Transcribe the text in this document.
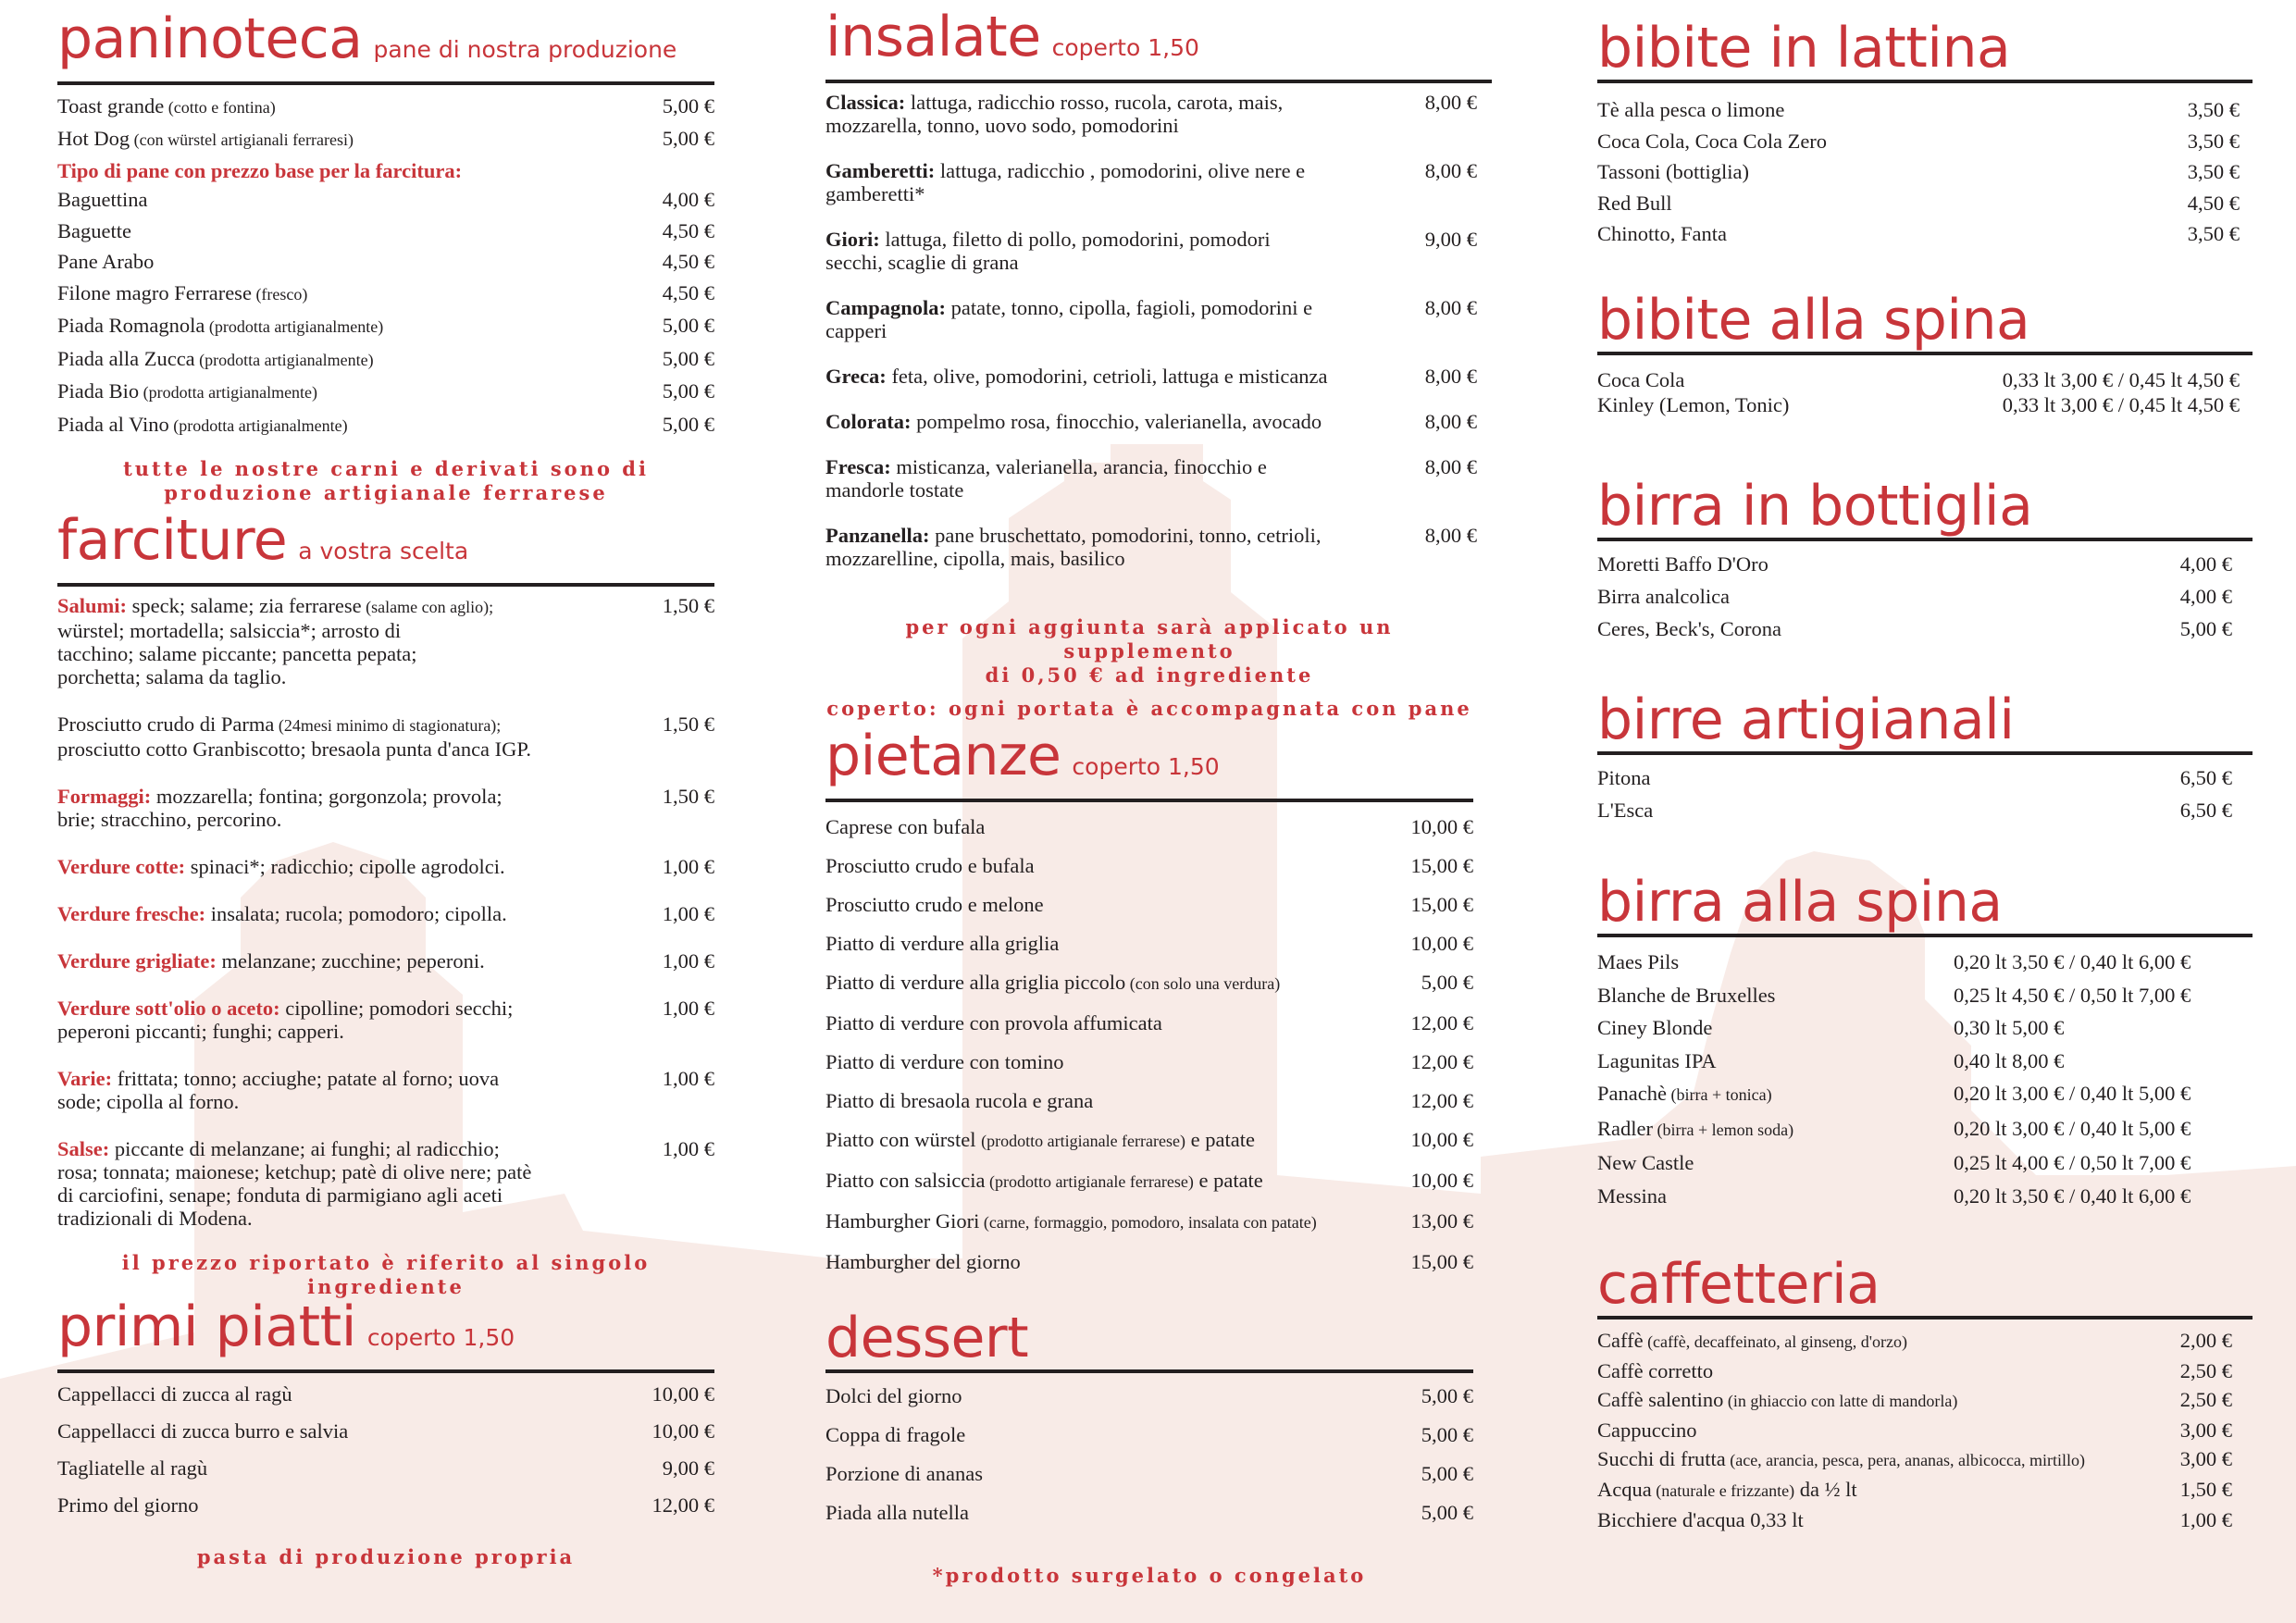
paninoteca pane di nostra produzione
Toast grande (cotto e fontina)	5,00 €
Hot Dog (con würstel artigianali ferraresi)	5,00 €
Tipo di pane con prezzo base per la farcitura:
Baguettina	4,00 €
Baguette	4,50 €
Pane Arabo	4,50 €
Filone magro Ferrarese (fresco)	4,50 €
Piada Romagnola (prodotta artigianalmente)	5,00 €
Piada alla Zucca (prodotta artigianalmente)	5,00 €
Piada Bio (prodotta artigianalmente)	5,00 €
Piada al Vino (prodotta artigianalmente)	5,00 €
tutte le nostre carni e derivati sono di
produzione artigianale ferrarese
farciture a vostra scelta
Salumi: speck; salame; zia ferrarese (salame con aglio);
würstel; mortadella; salsiccia*; arrosto di
tacchino; salame piccante; pancetta pepata;
porchetta; salama da taglio.
1,50 €
Prosciutto crudo di Parma (24mesi minimo di stagionatura);
prosciutto cotto Granbiscotto; bresaola punta d'anca IGP.
1,50 €
Formaggi: mozzarella; fontina; gorgonzola; provola;
brie; stracchino, percorino.
1,50 €
Verdure cotte: spinaci*; radicchio; cipolle agrodolci.	1,00 €
Verdure fresche: insalata; rucola; pomodoro; cipolla.	1,00 €
Verdure grigliate: melanzane; zucchine; peperoni.	1,00 €
Verdure sott'olio o aceto: cipolline; pomodori secchi;
peperoni piccanti; funghi; capperi.
1,00 €
Varie: frittata; tonno; acciughe; patate al forno; uova
sode; cipolla al forno.
1,00 €
Salse: piccante di melanzane; ai funghi; al radicchio;
rosa; tonnata; maionese; ketchup; patè di olive nere; patè
di carciofini, senape; fonduta di parmigiano agli aceti
tradizionali di Modena.
1,00 €
il prezzo riportato è riferito al singolo ingrediente
primi piatti coperto 1,50
Cappellacci di zucca al ragù	10,00 €
Cappellacci di zucca burro e salvia	10,00 €
Tagliatelle al ragù	9,00 €
Primo del giorno	12,00 €
pasta di produzione propria
insalate coperto 1,50
Classica: lattuga, radicchio rosso, rucola, carota, mais,
mozzarella, tonno, uovo sodo, pomodorini
8,00 €
Gamberetti: lattuga, radicchio , pomodorini, olive nere e
gamberetti*
8,00 €
Giori: lattuga, filetto di pollo, pomodorini, pomodori
secchi, scaglie di grana
9,00 €
Campagnola: patate, tonno, cipolla, fagioli, pomodorini e
capperi
8,00 €
Greca: feta, olive, pomodorini, cetrioli, lattuga e misticanza	8,00 €
Colorata: pompelmo rosa, finocchio, valerianella, avocado	8,00 €
Fresca: misticanza, valerianella, arancia, finocchio e
mandorle tostate
8,00 €
Panzanella: pane bruschettato, pomodorini, tonno, cetrioli,
mozzarelline, cipolla, mais, basilico
8,00 €
per ogni aggiunta sarà applicato un supplemento
di 0,50 € ad ingrediente
coperto: ogni portata è accompagnata con pane
pietanze coperto 1,50
Caprese con bufala	10,00 €
Prosciutto crudo e bufala	15,00 €
Prosciutto crudo e melone	15,00 €
Piatto di verdure alla griglia	10,00 €
Piatto di verdure alla griglia piccolo (con solo una verdura)	5,00 €
Piatto di verdure con provola affumicata	12,00 €
Piatto di verdure con tomino	12,00 €
Piatto di bresaola rucola e grana	12,00 €
Piatto con würstel (prodotto artigianale ferrarese) e patate	10,00 €
Piatto con salsiccia (prodotto artigianale ferrarese) e patate	10,00 €
Hamburgher Giori (carne, formaggio, pomodoro, insalata con patate)	13,00 €
Hamburgher del giorno	15,00 €
dessert
Dolci del giorno	5,00 €
Coppa di fragole	5,00 €
Porzione di ananas	5,00 €
Piada alla nutella	5,00 €
*prodotto surgelato o congelato
bibite in lattina
Tè alla pesca o limone	3,50 €
Coca Cola, Coca Cola Zero	3,50 €
Tassoni (bottiglia)	3,50 €
Red Bull	4,50 €
Chinotto, Fanta	3,50 €
bibite alla spina
Coca Cola	0,33 lt 3,00 € / 0,45 lt 4,50 €
Kinley (Lemon, Tonic)	0,33 lt 3,00 € / 0,45 lt 4,50 €
birra in bottiglia
Moretti Baffo D'Oro	4,00 €
Birra analcolica	4,00 €
Ceres, Beck's, Corona	5,00 €
birre artigianali
Pitona	6,50 €
L'Esca	6,50 €
birra alla spina
Maes Pils	0,20 lt 3,50 € / 0,40 lt 6,00 €
Blanche de Bruxelles	0,25 lt 4,50 € / 0,50 lt 7,00 €
Ciney Blonde	0,30 lt 5,00 €
Lagunitas IPA	0,40 lt 8,00 €
Panachè (birra + tonica)	0,20 lt 3,00 € / 0,40 lt 5,00 €
Radler (birra + lemon soda)	0,20 lt 3,00 € / 0,40 lt 5,00 €
New Castle	0,25 lt 4,00 € / 0,50 lt 7,00 €
Messina	0,20 lt 3,50 € / 0,40 lt 6,00 €
caffetteria
Caffè (caffè, decaffeinato, al ginseng, d'orzo)	2,00 €
Caffè corretto	2,50 €
Caffè salentino (in ghiaccio con latte di mandorla)	2,50 €
Cappuccino	3,00 €
Succhi di frutta (ace, arancia, pesca, pera, ananas, albicocca, mirtillo)	3,00 €
Acqua (naturale e frizzante) da ½ lt	1,50 €
Bicchiere d'acqua 0,33 lt	1,00 €
